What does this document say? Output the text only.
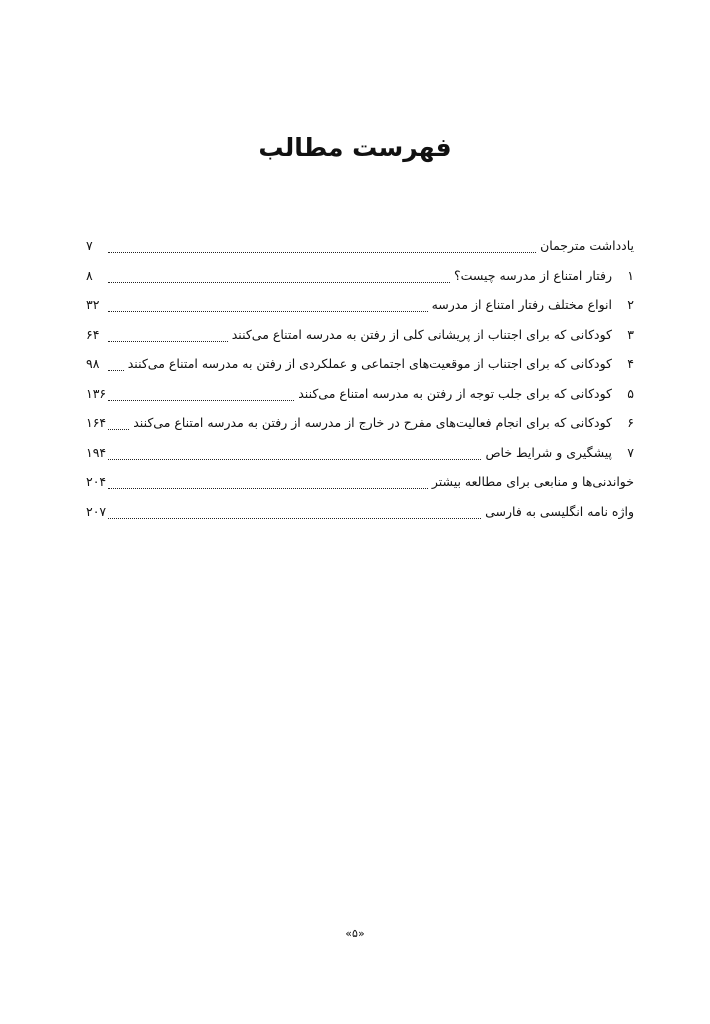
فهرست مطالب
یادداشت مترجمان
۷
۱
رفتار امتناع از مدرسه چیست؟
۸
۲
انواع مختلف رفتار امتناع از مدرسه
۳۲
۳
کودکانی که برای اجتناب از پریشانی کلی از رفتن به مدرسه امتناع می‌کنند
۶۴
۴
کودکانی که برای اجتناب از موقعیت‌های اجتماعی و عملکردی از رفتن به مدرسه امتناع می‌کنند
۹۸
۵
کودکانی که برای جلب توجه از رفتن به مدرسه امتناع می‌کنند
۱۳۶
۶
کودکانی که برای انجام فعالیت‌های مفرح در خارج از مدرسه از رفتن به مدرسه امتناع می‌کنند
۱۶۴
۷
پیشگیری و شرایط خاص
۱۹۴
خواندنی‌ها و منابعی برای مطالعه بیشتر
۲۰۴
واژه نامه انگلیسی به فارسی
۲۰۷
«۵»
